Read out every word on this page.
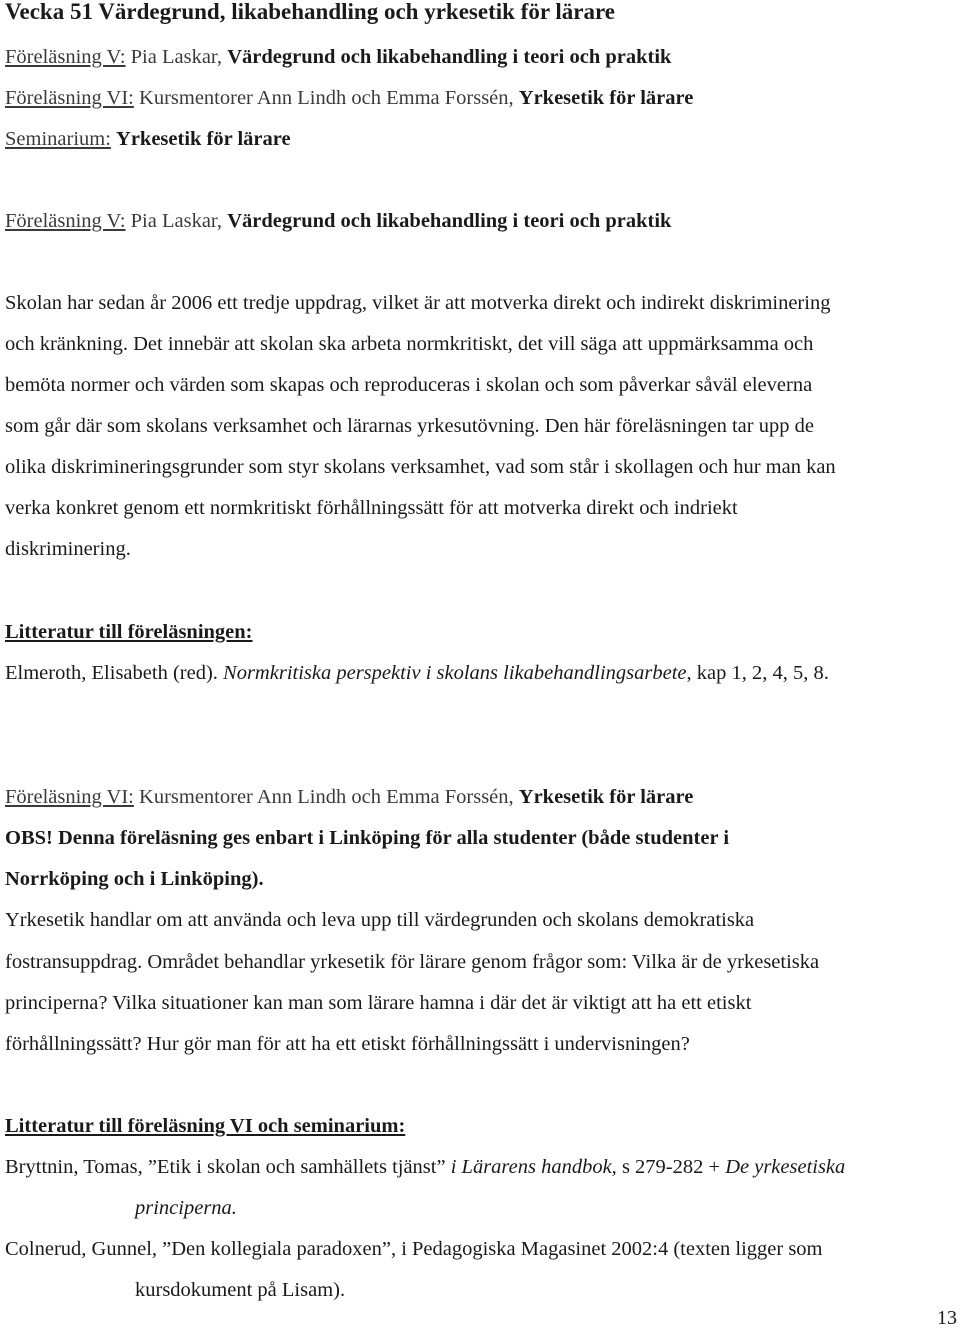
Vecka 51 Värdegrund, likabehandling och yrkesetik för lärare
Föreläsning V: Pia Laskar, Värdegrund och likabehandling i teori och praktik
Föreläsning VI: Kursmentorer Ann Lindh och Emma Forssén, Yrkesetik för lärare
Seminarium: Yrkesetik för lärare
Föreläsning V: Pia Laskar, Värdegrund och likabehandling i teori och praktik
Skolan har sedan år 2006 ett tredje uppdrag, vilket är att motverka direkt och indirekt diskriminering
och kränkning. Det innebär att skolan ska arbeta normkritiskt, det vill säga att uppmärksamma och
bemöta normer och värden som skapas och reproduceras i skolan och som påverkar såväl eleverna
som går där som skolans verksamhet och lärarnas yrkesutövning. Den här föreläsningen tar upp de
olika diskrimineringsgrunder som styr skolans verksamhet, vad som står i skollagen och hur man kan
verka konkret genom ett normkritiskt förhållningssätt för att motverka direkt och indriekt
diskriminering.
Litteratur till föreläsningen:
Elmeroth, Elisabeth (red). Normkritiska perspektiv i skolans likabehandlingsarbete, kap 1, 2, 4, 5, 8.
Föreläsning VI: Kursmentorer Ann Lindh och Emma Forssén, Yrkesetik för lärare
OBS! Denna föreläsning ges enbart i Linköping för alla studenter (både studenter i
Norrköping och i Linköping).
Yrkesetik handlar om att använda och leva upp till värdegrunden och skolans demokratiska
fostransuppdrag. Området behandlar yrkesetik för lärare genom frågor som: Vilka är de yrkesetiska
principerna? Vilka situationer kan man som lärare hamna i där det är viktigt att ha ett etiskt
förhållningssätt? Hur gör man för att ha ett etiskt förhållningssätt i undervisningen?
Litteratur till föreläsning VI och seminarium:
Bryttnin, Tomas, ”Etik i skolan och samhällets tjänst” i Lärarens handbok, s 279-282 + De yrkesetiska
principerna.
Colnerud, Gunnel, ”Den kollegiala paradoxen”, i Pedagogiska Magasinet 2002:4 (texten ligger som
kursdokument på Lisam).
13
